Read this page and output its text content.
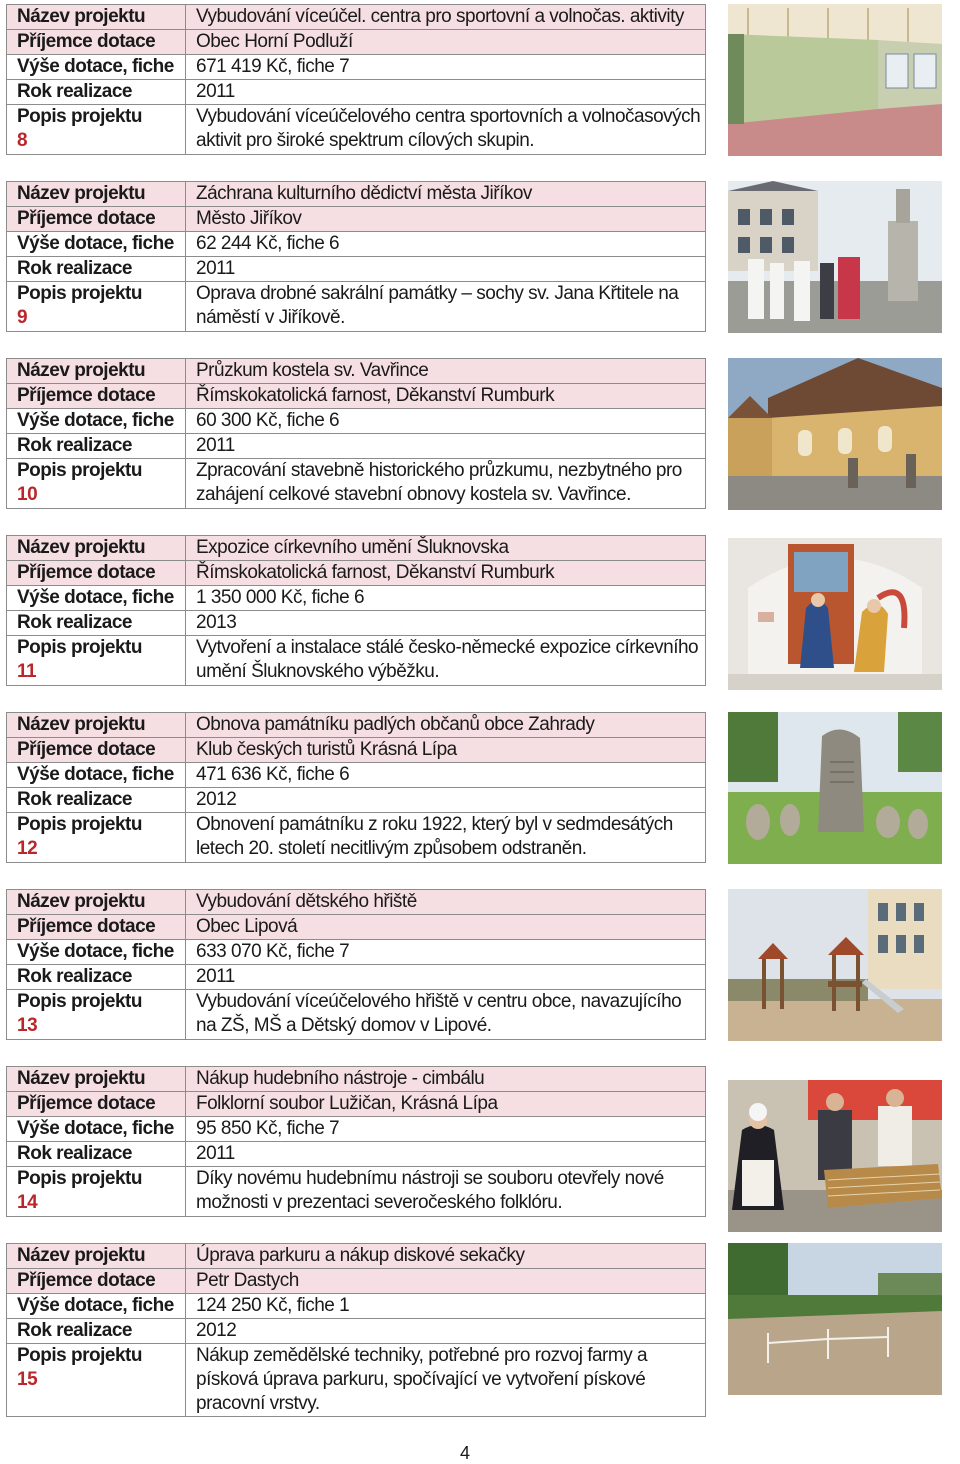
Název projektu	Vybudování víceúčel. centra pro sportovní a volnočas. aktivity
Příjemce dotace	Obec Horní Podluží
Výše dotace, fiche	671 419 Kč, fiche 7
Rok realizace	2011
Popis projektu
8	Vybudování víceúčelového centra sportovních a volnočasových aktivit pro široké spektrum cílových skupin.
Název projektu	Záchrana kulturního dědictví města Jiříkov
Příjemce dotace	Město Jiříkov
Výše dotace, fiche	62 244 Kč, fiche 6
Rok realizace	2011
Popis projektu
9	Oprava drobné sakrální památky – sochy sv. Jana Křtitele na náměstí v Jiříkově.
Název projektu	Průzkum kostela sv. Vavřince
Příjemce dotace	Římskokatolická farnost, Děkanství Rumburk
Výše dotace, fiche	60 300 Kč, fiche 6
Rok realizace	2011
Popis projektu
10	Zpracování stavebně historického průzkumu, nezbytného pro zahájení celkové stavební obnovy kostela sv. Vavřince.
Název projektu	Expozice církevního umění Šluknovska
Příjemce dotace	Římskokatolická farnost, Děkanství Rumburk
Výše dotace, fiche	1 350 000 Kč, fiche 6
Rok realizace	2013
Popis projektu
11	Vytvoření a instalace stálé česko-německé expozice církevního umění Šluknovského výběžku.
Název projektu	Obnova památníku padlých občanů obce Zahrady
Příjemce dotace	Klub českých turistů Krásná Lípa
Výše dotace, fiche	471 636 Kč, fiche 6
Rok realizace	2012
Popis projektu
12	Obnovení památníku z roku 1922, který byl v sedmdesátých letech 20. století necitlivým způsobem odstraněn.
Název projektu	Vybudování dětského hřiště
Příjemce dotace	Obec Lipová
Výše dotace, fiche	633 070 Kč, fiche 7
Rok realizace	2011
Popis projektu
13	Vybudování víceúčelového hřiště v centru obce, navazujícího na ZŠ, MŠ a Dětský domov v Lipové.
Název projektu	Nákup hudebního nástroje - cimbálu
Příjemce dotace	Folklorní soubor Lužičan, Krásná Lípa
Výše dotace, fiche	95 850 Kč, fiche 7
Rok realizace	2011
Popis projektu
14	Díky novému hudebnímu nástroji se souboru otevřely nové možnosti v prezentaci severočeského folklóru.
Název projektu	Úprava parkuru a nákup diskové sekačky
Příjemce dotace	Petr Dastych
Výše dotace, fiche	124 250 Kč, fiche 1
Rok realizace	2012
Popis projektu
15	Nákup zemědělské techniky, potřebné pro rozvoj farmy a písková úprava parkuru, spočívající ve vytvoření pískové pracovní vrstvy.
4
